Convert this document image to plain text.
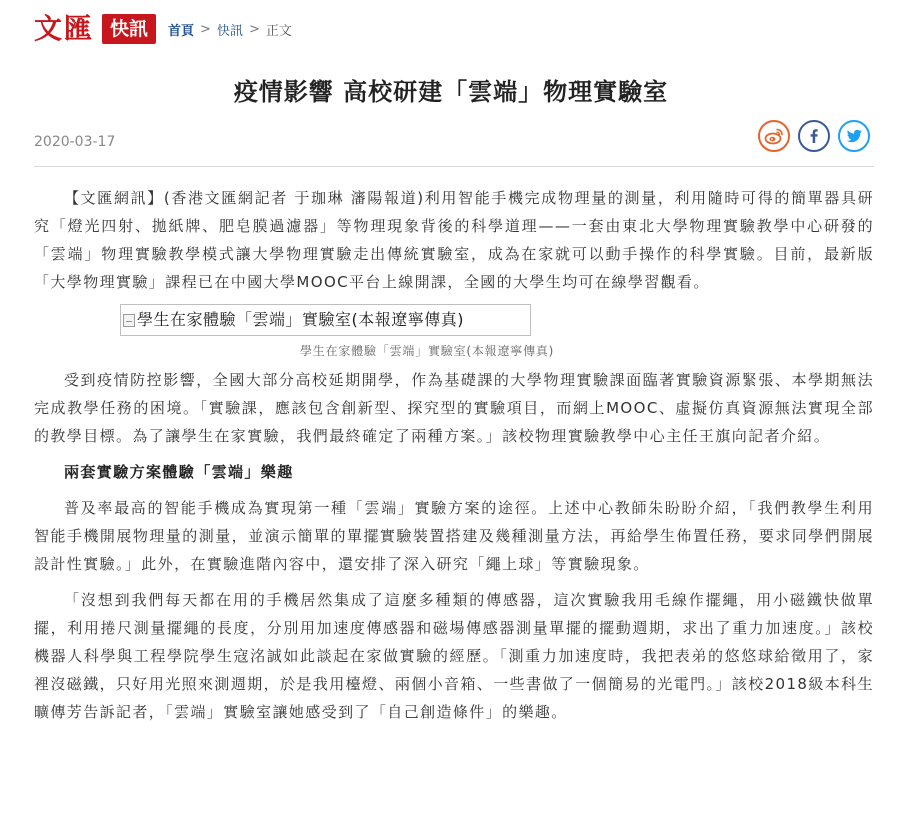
文匯 快訊	首頁 > 快訊 > 正文
疫情影響 高校研建「雲端」物理實驗室
2020-03-17

【文匯網訊】(香港文匯網記者 于珈琳 瀋陽報道)利用智能手機完成物理量的測量，利用隨時可得的簡單器具研究「燈光四射、拋紙牌、肥皂膜過濾器」等物理現象背後的科學道理——一套由東北大學物理實驗教學中心研發的「雲端」物理實驗教學模式讓大學物理實驗走出傳統實驗室，成為在家就可以動手操作的科學實驗。目前，最新版「大學物理實驗」課程已在中國大學MOOC平台上線開課，全國的大學生均可在線學習觀看。

學生在家體驗「雲端」實驗室(本報遼寧傳真)
學生在家體驗「雲端」實驗室(本報遼寧傳真)

受到疫情防控影響，全國大部分高校延期開學，作為基礎課的大學物理實驗課面臨著實驗資源緊張、本學期無法完成教學任務的困境。「實驗課，應該包含創新型、探究型的實驗項目，而網上MOOC、虛擬仿真資源無法實現全部的教學目標。為了讓學生在家實驗，我們最終確定了兩種方案。」該校物理實驗教學中心主任王旗向記者介紹。

兩套實驗方案體驗「雲端」樂趣

普及率最高的智能手機成為實現第一種「雲端」實驗方案的途徑。上述中心教師朱盼盼介紹，「我們教學生利用智能手機開展物理量的測量，並演示簡單的單擺實驗裝置搭建及幾種測量方法，再給學生佈置任務，要求同學們開展設計性實驗。」此外，在實驗進階內容中，還安排了深入研究「繩上球」等實驗現象。

「沒想到我們每天都在用的手機居然集成了這麼多種類的傳感器，這次實驗我用毛線作擺繩，用小磁鐵快做單擺，利用捲尺測量擺繩的長度，分別用加速度傳感器和磁場傳感器測量單擺的擺動週期，求出了重力加速度。」該校機器人科學與工程學院學生寇洺誠如此談起在家做實驗的經歷。「測重力加速度時，我把表弟的悠悠球給徵用了，家裡沒磁鐵，只好用光照來測週期，於是我用檯燈、兩個小音箱、一些書做了一個簡易的光電門。」該校2018級本科生曠傳芳告訴記者，「雲端」實驗室讓她感受到了「自己創造條件」的樂趣。
